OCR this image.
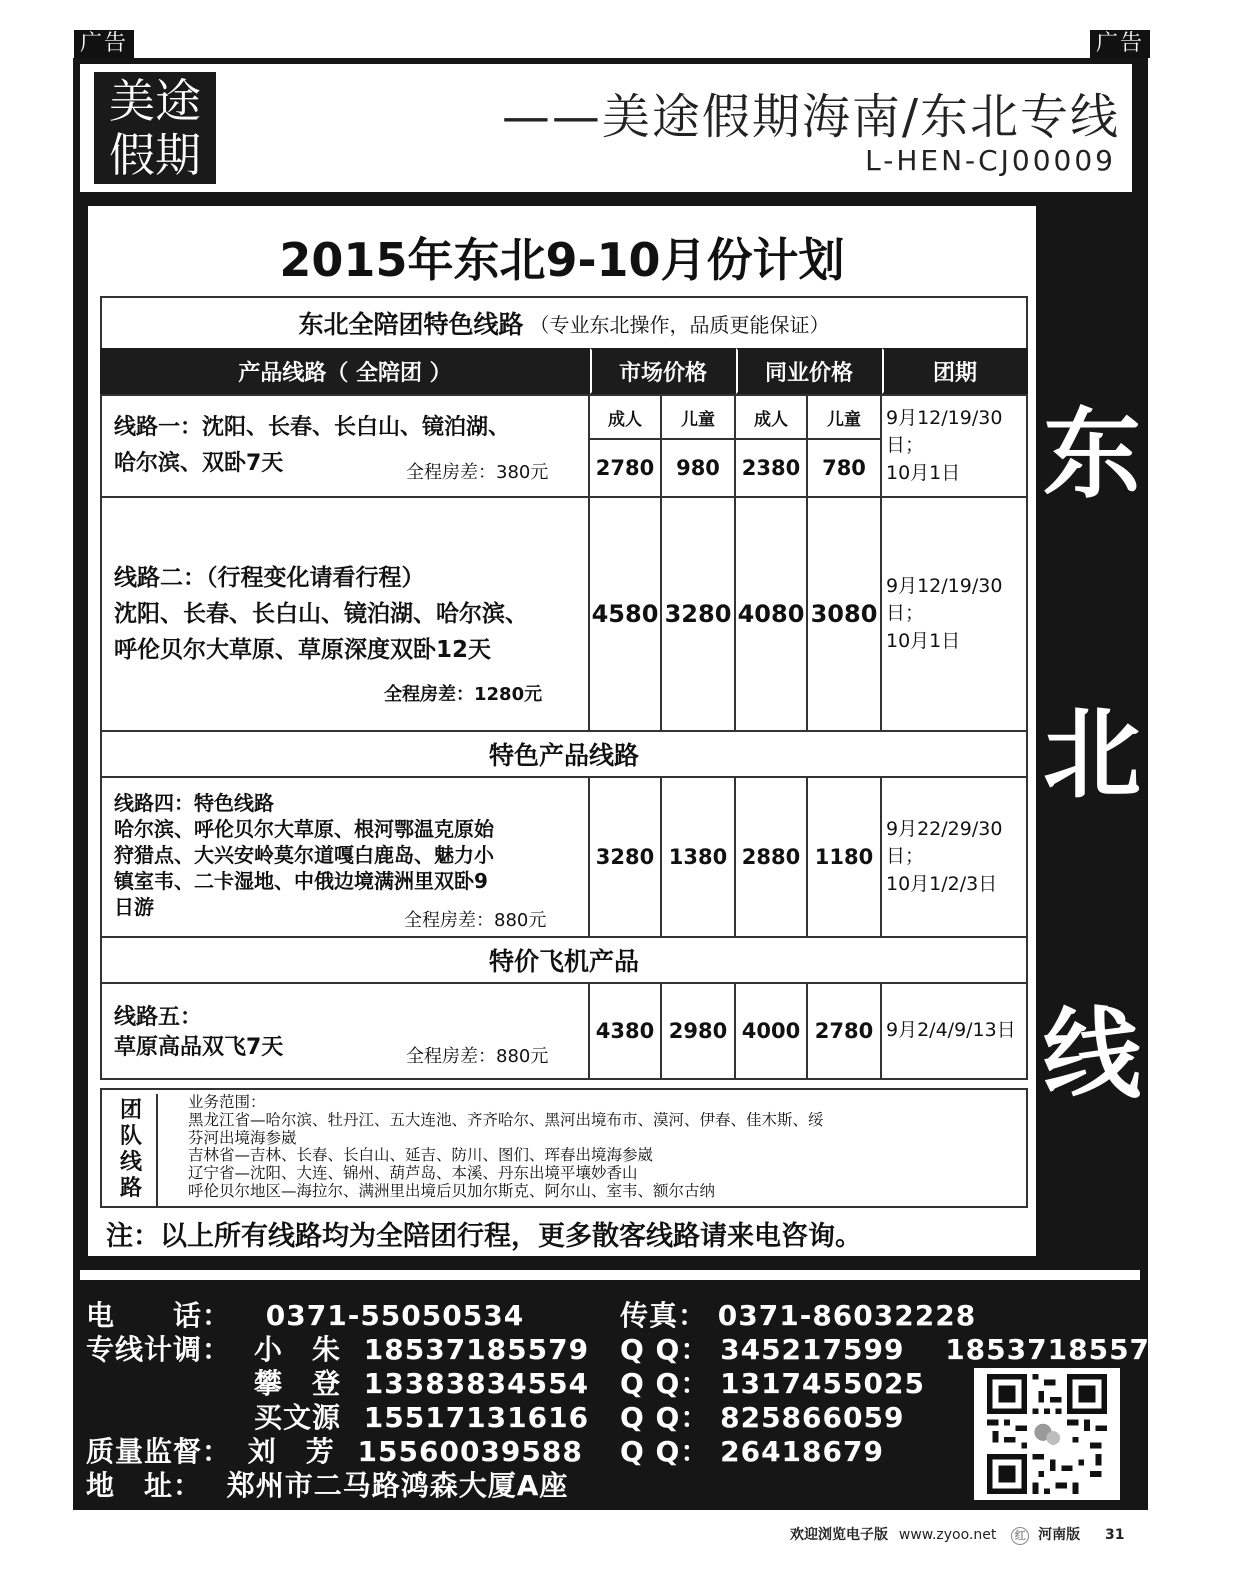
广告	广告
美途
假期
——美途假期海南/东北专线
L-HEN-CJ00009
2015年东北9-10月份计划
东北全陪团特色线路 （专业东北操作，品质更能保证）
产品线路（ 全陪团 ）	市场价格	同业价格	团期
线路一：沈阳、长春、长白山、镜泊湖、
哈尔滨、双卧7天	全程房差：380元
成人	儿童	成人	儿童
2780	980	2380	780
9月12/19/30日；
10月1日
线路二：（行程变化请看行程）
沈阳、长春、长白山、镜泊湖、哈尔滨、
呼伦贝尔大草原、草原深度双卧12天
全程房差：1280元
4580 3280 4080 3080
9月12/19/30日；
10月1日
特色产品线路
线路四：特色线路
哈尔滨、呼伦贝尔大草原、根河鄂温克原始
狩猎点、大兴安岭莫尔道嘎白鹿岛、魅力小
镇室韦、二卡湿地、中俄边境满洲里双卧9
日游
全程房差：880元
3280 1380 2880 1180
9月22/29/30日；
10月1/2/3日
特价飞机产品
线路五：
草原高品双飞7天	全程房差：880元
4380 2980 4000 2780 9月2/4/9/13日
团队线路
业务范围：
黑龙江省—哈尔滨、牡丹江、五大连池、齐齐哈尔、黑河出境布市、漠河、伊春、佳木斯、绥
芬河出境海参崴
吉林省—吉林、长春、长白山、延吉、防川、图们、珲春出境海参崴
辽宁省—沈阳、大连、锦州、葫芦岛、本溪、丹东出境平壤妙香山
呼伦贝尔地区—海拉尔、满洲里出境后贝加尔斯克、阿尔山、室韦、额尔古纳
注：以上所有线路均为全陪团行程，更多散客线路请来电咨询。
东
北
线
电　　话： 0371-55050534	传真： 0371-86032228
专线计调： 小　朱 18537185579 Q Q： 345217599 18537185579
攀　登 13383834554 Q Q： 1317455025
买文源 15517131616 Q Q： 825866059
质量监督： 刘　芳 15560039588 Q Q： 26418679
地　址： 郑州市二马路鸿森大厦A座
欢迎浏览电子版 www.zyoo.net 红 河南版 31
